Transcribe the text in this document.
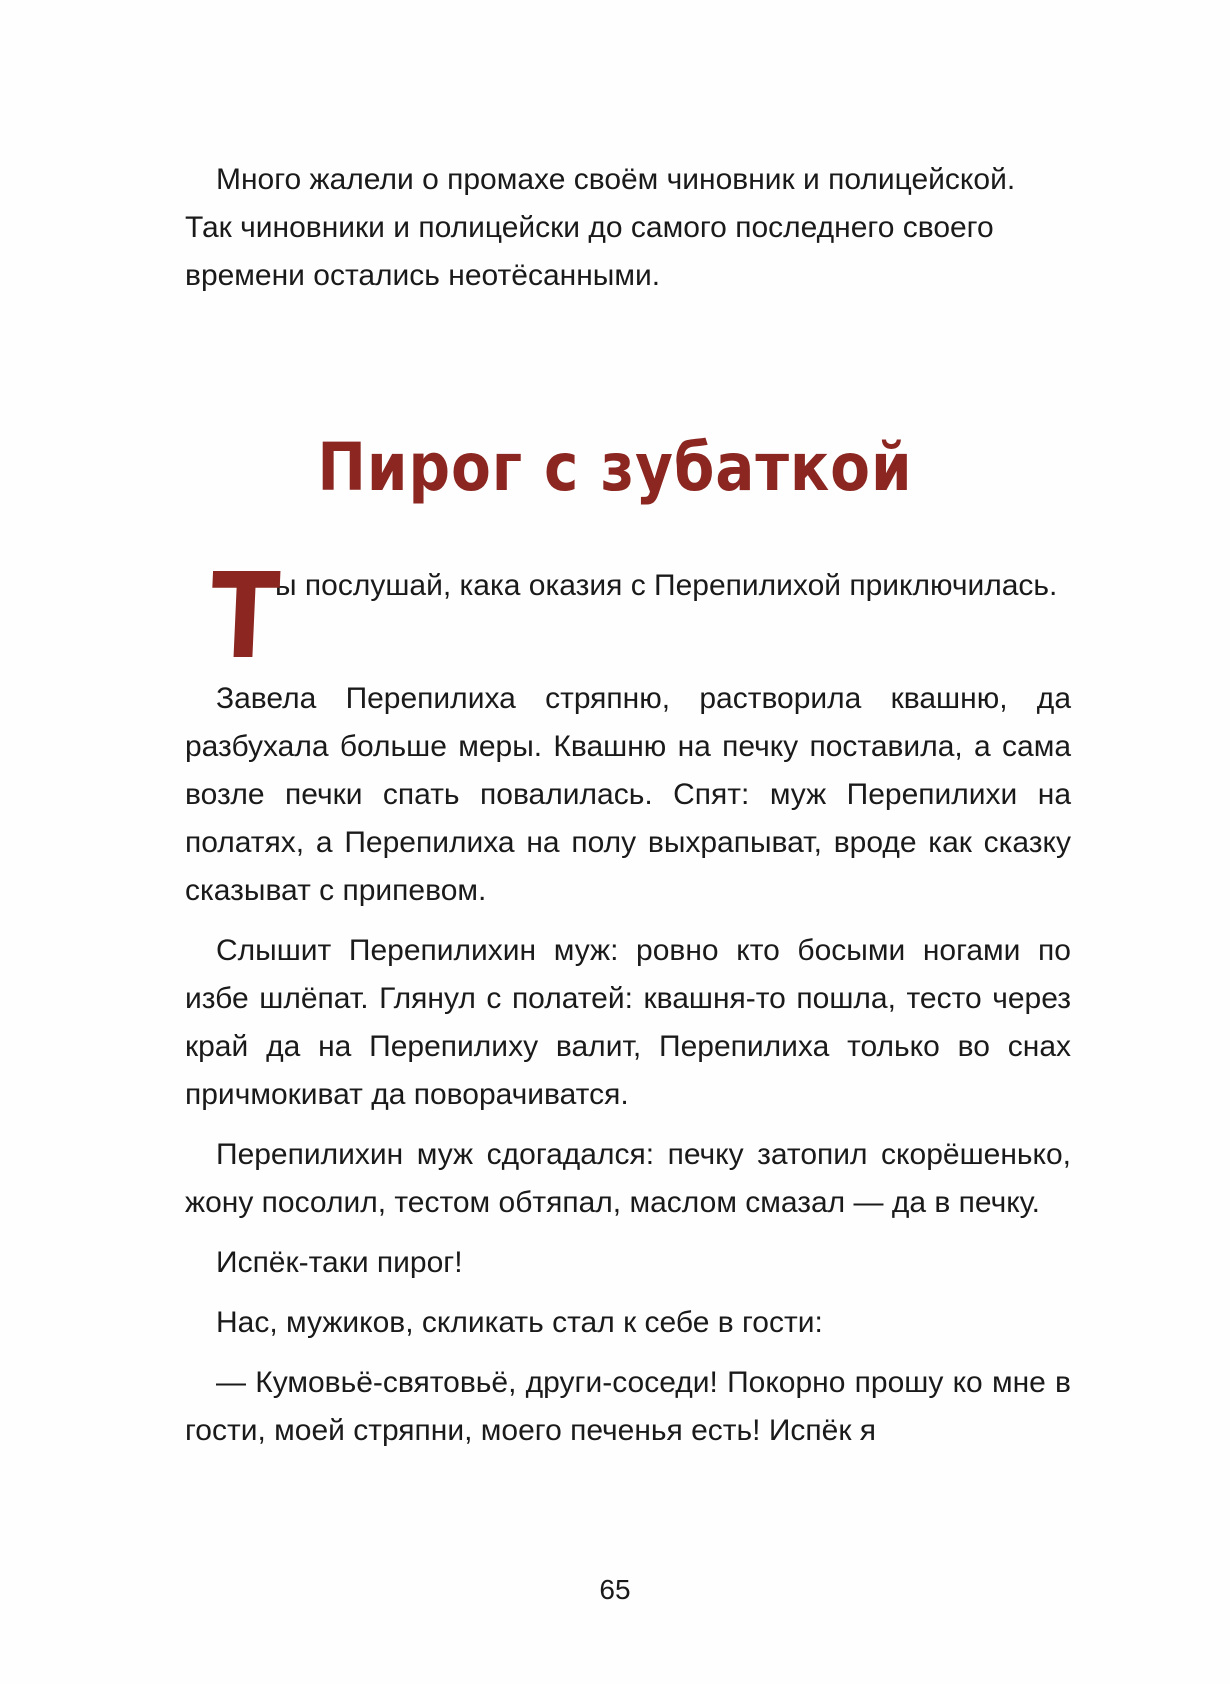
Много жалели о промахе своём чиновник и полицейской.

Так чиновники и полицейски до самого последнего своего

времени остались неотёсанными.

Пирог с зубаткой
Т

ы послушай, кака оказия с Перепилихой приключилась.

Завела Перепилиха стряпню, растворила квашню, да разбухала больше меры. Квашню на печку поставила, а сама возле печки спать повалилась. Спят: муж Перепилихи на полатях, а Перепилиха на полу выхрапыват, вроде как сказку сказыват с припевом.

Слышит Перепилихин муж: ровно кто босыми ногами по избе шлёпат. Глянул с полатей: квашня-то пошла, тесто через край да на Перепилиху валит, Перепилиха только во снах причмокиват да поворачиватся.

Перепилихин муж сдогадался: печку затопил скорёшенько, жону посолил, тестом обтяпал, маслом смазал — да в печку.

Испёк-таки пирог!

Нас, мужиков, скликать стал к себе в гости:

— Кумовьё-святовьё, други-соседи! Покорно прошу ко мне в гости, моей стряпни, моего печенья есть! Испёк я

65
